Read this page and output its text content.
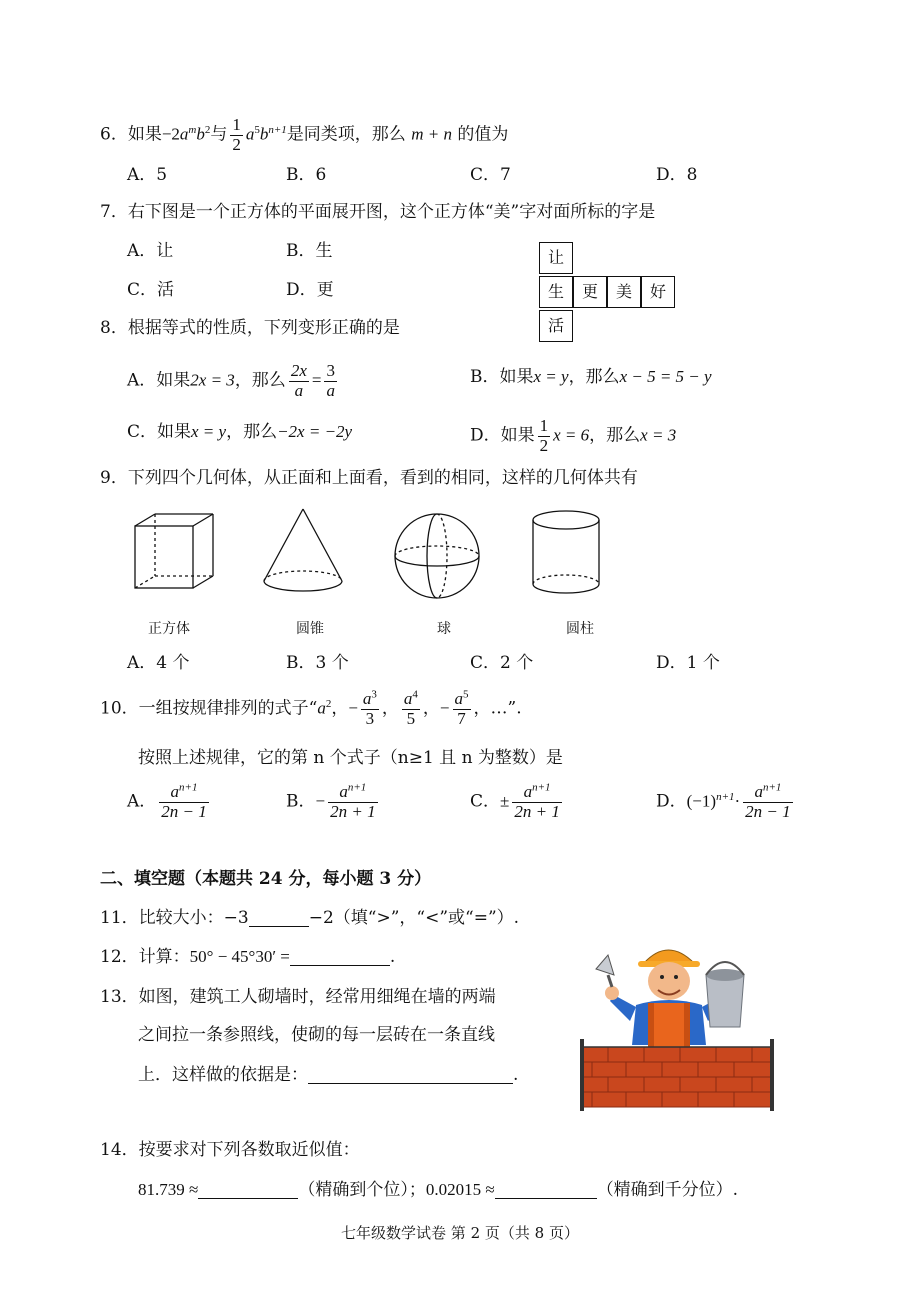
6．如果$-2a^mb^2$与 $\frac{1}{2} a^5b^{n+1}$是同类项，那么 m + n 的值为
A．5	B．6	C．7	D．8
7．右下图是一个正方体的平面展开图，这个正方体“美”字对面所标的字是
A．让	B．生
C．活	D．更
让
生	更	美	好
活
8．根据等式的性质，下列变形正确的是
A．如果2x = 3，那么 $\frac{2x}{a} = \frac{3}{a}$	B．如果x = y，那么x − 5 = 5 − y
C．如果x = y，那么−2x = −2y	D．如果 $\frac{1}{2}$ x = 6，那么x = 3
9．下列四个几何体，从正面和上面看，看到的相同，这样的几何体共有
正方体	圆锥	球	圆柱
A．4 个	B．3 个	C．2 个	D．1 个
10．一组按规律排列的式子“$a^2$，− $\frac{a^3}{3}$ ， $\frac{a^4}{5}$ ，− $\frac{a^5}{7}$ ，…”.
按照上述规律，它的第 n 个式子（n≥1 且 n 为整数）是
A． $\frac{a^{n+1}}{2n - 1}$	B．− $\frac{a^{n+1}}{2n + 1}$	C．± $\frac{a^{n+1}}{2n + 1}$	D．$(-1)^{n+1}\cdot \frac{a^{n+1}}{2n - 1}$
二、填空题（本题共 24 分，每小题 3 分）
11．比较大小：−3	−2（填“>”，“<”或“=”）.
12．计算：50° − 45°30′ =	.
13．如图，建筑工人砌墙时，经常用细绳在墙的两端
之间拉一条参照线，使砌的每一层砖在一条直线
上．这样做的依据是：	.
14．按要求对下列各数取近似值：
81.739 ≈	（精确到个位）；0.02015 ≈	（精确到千分位）.
七年级数学试卷 第 2 页（共 8 页）
